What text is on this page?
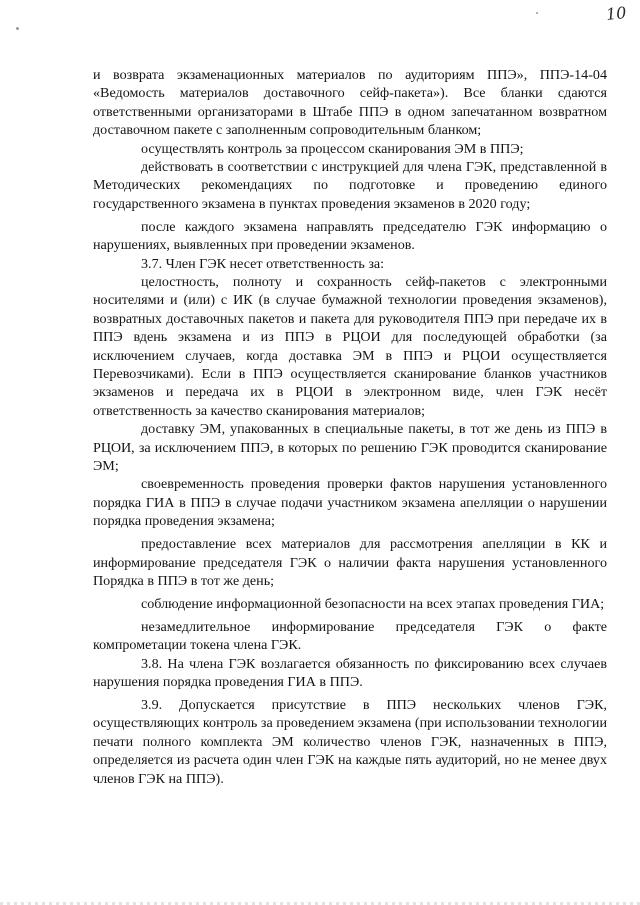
10

и возврата экзаменационных материалов по аудиториям ППЭ», ППЭ-14-04 «Ведомость материалов доставочного сейф-пакета»). Все бланки сдаются ответственными организаторами в Штабе ППЭ в одном запечатанном возвратном доставочном пакете с заполненным сопроводительным бланком;

осуществлять контроль за процессом сканирования ЭМ в ППЭ;

действовать в соответствии с инструкцией для члена ГЭК, представленной в Методических рекомендациях по подготовке и проведению единого государственного экзамена в пунктах проведения экзаменов в 2020 году;

после каждого экзамена направлять председателю ГЭК информацию о нарушениях, выявленных при проведении экзаменов.

3.7. Член ГЭК несет ответственность за:

целостность, полноту и сохранность сейф-пакетов с электронными носителями и (или) с ИК (в случае бумажной технологии проведения экзаменов), возвратных доставочных пакетов и пакета для руководителя ППЭ при передаче их в ППЭ вдень экзамена и из ППЭ в РЦОИ для последующей обработки (за исключением случаев, когда доставка ЭМ в ППЭ и РЦОИ осуществляется Перевозчиками). Если в ППЭ осуществляется сканирование бланков участников экзаменов и передача их в РЦОИ в электронном виде, член ГЭК несёт ответственность за качество сканирования материалов;

доставку ЭМ, упакованных в специальные пакеты, в тот же день из ППЭ в РЦОИ, за исключением ППЭ, в которых по решению ГЭК проводится сканирование ЭМ;

своевременность проведения проверки фактов нарушения установленного порядка ГИА в ППЭ в случае подачи участником экзамена апелляции о нарушении порядка проведения экзамена;

предоставление всех материалов для рассмотрения апелляции в КК и информирование председателя ГЭК о наличии факта нарушения установленного Порядка в ППЭ в тот же день;

соблюдение информационной безопасности на всех этапах проведения ГИА;

незамедлительное информирование председателя ГЭК о факте компрометации токена члена ГЭК.

3.8. На члена ГЭК возлагается обязанность по фиксированию всех случаев нарушения порядка проведения ГИА в ППЭ.

3.9. Допускается присутствие в ППЭ нескольких членов ГЭК, осуществляющих контроль за проведением экзамена (при использовании технологии печати полного комплекта ЭМ количество членов ГЭК, назначенных в ППЭ, определяется из расчета один член ГЭК на каждые пять аудиторий, но не менее двух членов ГЭК на ППЭ).
